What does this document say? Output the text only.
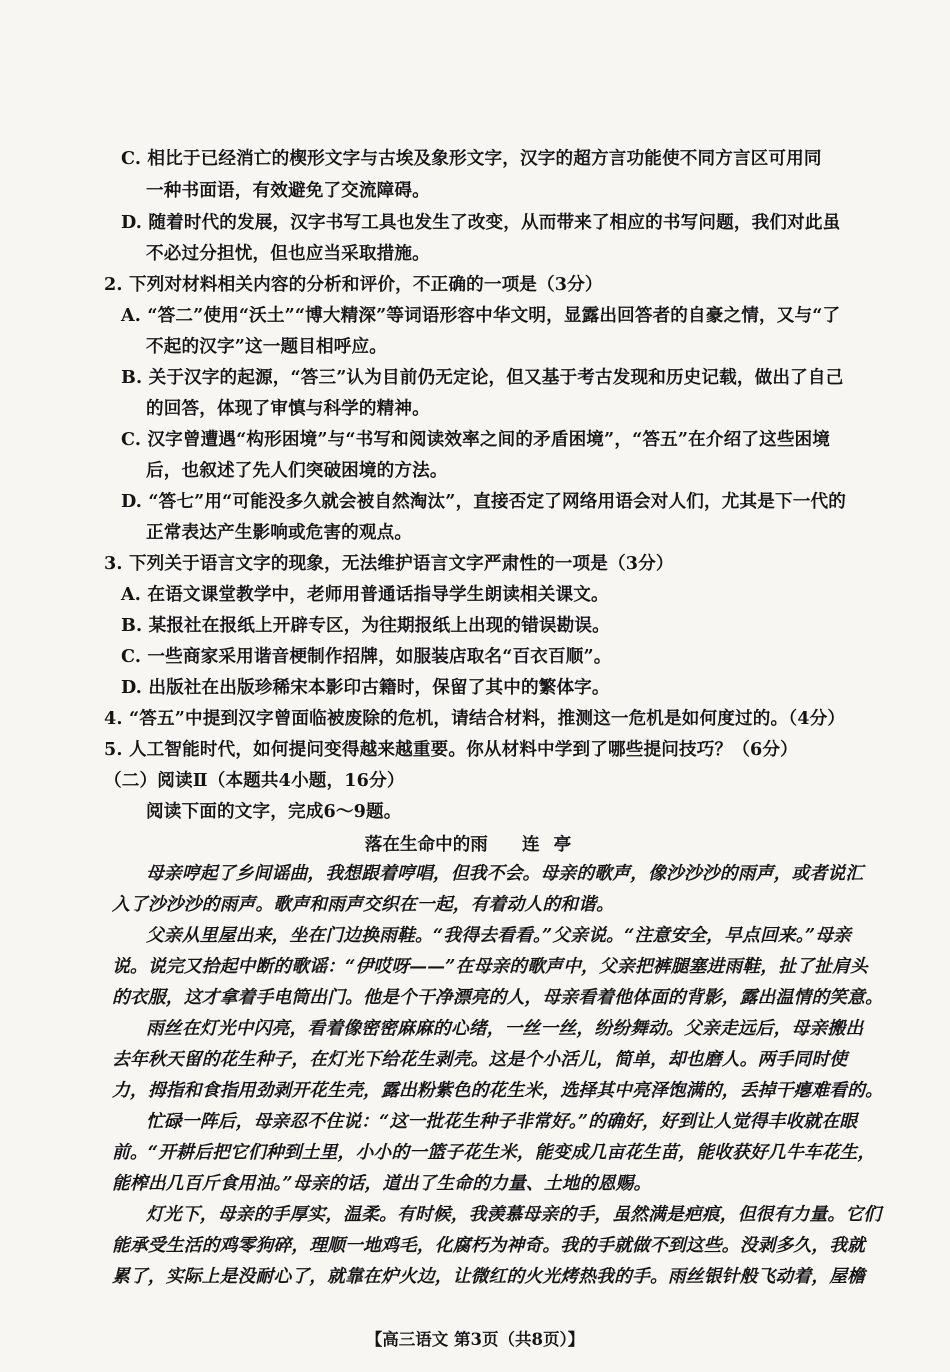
C. 相比于已经消亡的楔形文字与古埃及象形文字，汉字的超方言功能使不同方言区可用同
一种书面语，有效避免了交流障碍。
D. 随着时代的发展，汉字书写工具也发生了改变，从而带来了相应的书写问题，我们对此虽
不必过分担忧，但也应当采取措施。
2. 下列对材料相关内容的分析和评价，不正确的一项是（3分）
A. “答二”使用“沃土”“博大精深”等词语形容中华文明，显露出回答者的自豪之情，又与“了
不起的汉字”这一题目相呼应。
B. 关于汉字的起源，“答三”认为目前仍无定论，但又基于考古发现和历史记载，做出了自己
的回答，体现了审慎与科学的精神。
C. 汉字曾遭遇“构形困境”与“书写和阅读效率之间的矛盾困境”，“答五”在介绍了这些困境
后，也叙述了先人们突破困境的方法。
D. “答七”用“可能没多久就会被自然淘汰”，直接否定了网络用语会对人们，尤其是下一代的
正常表达产生影响或危害的观点。
3. 下列关于语言文字的现象，无法维护语言文字严肃性的一项是（3分）
A. 在语文课堂教学中，老师用普通话指导学生朗读相关课文。
B. 某报社在报纸上开辟专区，为往期报纸上出现的错误勘误。
C. 一些商家采用谐音梗制作招牌，如服装店取名“百衣百顺”。
D. 出版社在出版珍稀宋本影印古籍时，保留了其中的繁体字。
4. “答五”中提到汉字曾面临被废除的危机，请结合材料，推测这一危机是如何度过的。（4分）
5. 人工智能时代，如何提问变得越来越重要。你从材料中学到了哪些提问技巧？（6分）
（二）阅读Ⅱ（本题共4小题，16分）
阅读下面的文字，完成6～9题。
落在生命中的雨 连亭
母亲哼起了乡间谣曲，我想跟着哼唱，但我不会。母亲的歌声，像沙沙沙的雨声，或者说汇
入了沙沙沙的雨声。歌声和雨声交织在一起，有着动人的和谐。
父亲从里屋出来，坐在门边换雨鞋。“我得去看看。”父亲说。“注意安全，早点回来。”母亲
说。说完又拾起中断的歌谣：“伊哎呀——”在母亲的歌声中，父亲把裤腿塞进雨鞋，扯了扯肩头
的衣服，这才拿着手电筒出门。他是个干净漂亮的人，母亲看着他体面的背影，露出温情的笑意。
雨丝在灯光中闪亮，看着像密密麻麻的心绪，一丝一丝，纷纷舞动。父亲走远后，母亲搬出
去年秋天留的花生种子，在灯光下给花生剥壳。这是个小活儿，简单，却也磨人。两手同时使
力，拇指和食指用劲剥开花生壳，露出粉紫色的花生米，选择其中亮泽饱满的，丢掉干瘪难看的。
忙碌一阵后，母亲忍不住说：“这一批花生种子非常好。”的确好，好到让人觉得丰收就在眼
前。“开耕后把它们种到土里，小小的一篮子花生米，能变成几亩花生苗，能收获好几牛车花生，
能榨出几百斤食用油。”母亲的话，道出了生命的力量、土地的恩赐。
灯光下，母亲的手厚实，温柔。有时候，我羡慕母亲的手，虽然满是疤痕，但很有力量。它们
能承受生活的鸡零狗碎，理顺一地鸡毛，化腐朽为神奇。我的手就做不到这些。没剥多久，我就
累了，实际上是没耐心了，就靠在炉火边，让微红的火光烤热我的手。雨丝银针般飞动着，屋檐
【高三语文 第3页（共8页）】
